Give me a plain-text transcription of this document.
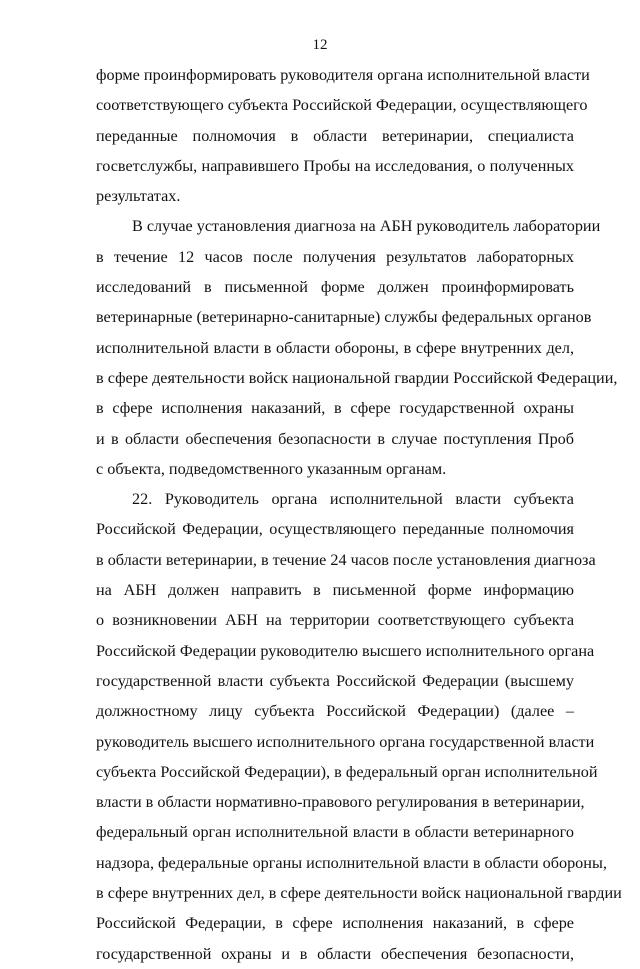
12
форме проинформировать руководителя органа исполнительной власти
соответствующего субъекта Российской Федерации, осуществляющего
переданные полномочия в области ветеринарии, специалиста
госветслужбы, направившего Пробы на исследования, о полученных
результатах.
В случае установления диагноза на АБН руководитель лаборатории
в течение 12 часов после получения результатов лабораторных
исследований в письменной форме должен проинформировать
ветеринарные (ветеринарно-санитарные) службы федеральных органов
исполнительной власти в области обороны, в сфере внутренних дел,
в сфере деятельности войск национальной гвардии Российской Федерации,
в сфере исполнения наказаний, в сфере государственной охраны
и в области обеспечения безопасности в случае поступления Проб
с объекта, подведомственного указанным органам.
22. Руководитель органа исполнительной власти субъекта
Российской Федерации, осуществляющего переданные полномочия
в области ветеринарии, в течение 24 часов после установления диагноза
на АБН должен направить в письменной форме информацию
о возникновении АБН на территории соответствующего субъекта
Российской Федерации руководителю высшего исполнительного органа
государственной власти субъекта Российской Федерации (высшему
должностному лицу субъекта Российской Федерации) (далее –
руководитель высшего исполнительного органа государственной власти
субъекта Российской Федерации), в федеральный орган исполнительной
власти в области нормативно-правового регулирования в ветеринарии,
федеральный орган исполнительной власти в области ветеринарного
надзора, федеральные органы исполнительной власти в области обороны,
в сфере внутренних дел, в сфере деятельности войск национальной гвардии
Российской Федерации, в сфере исполнения наказаний, в сфере
государственной охраны и в области обеспечения безопасности,
